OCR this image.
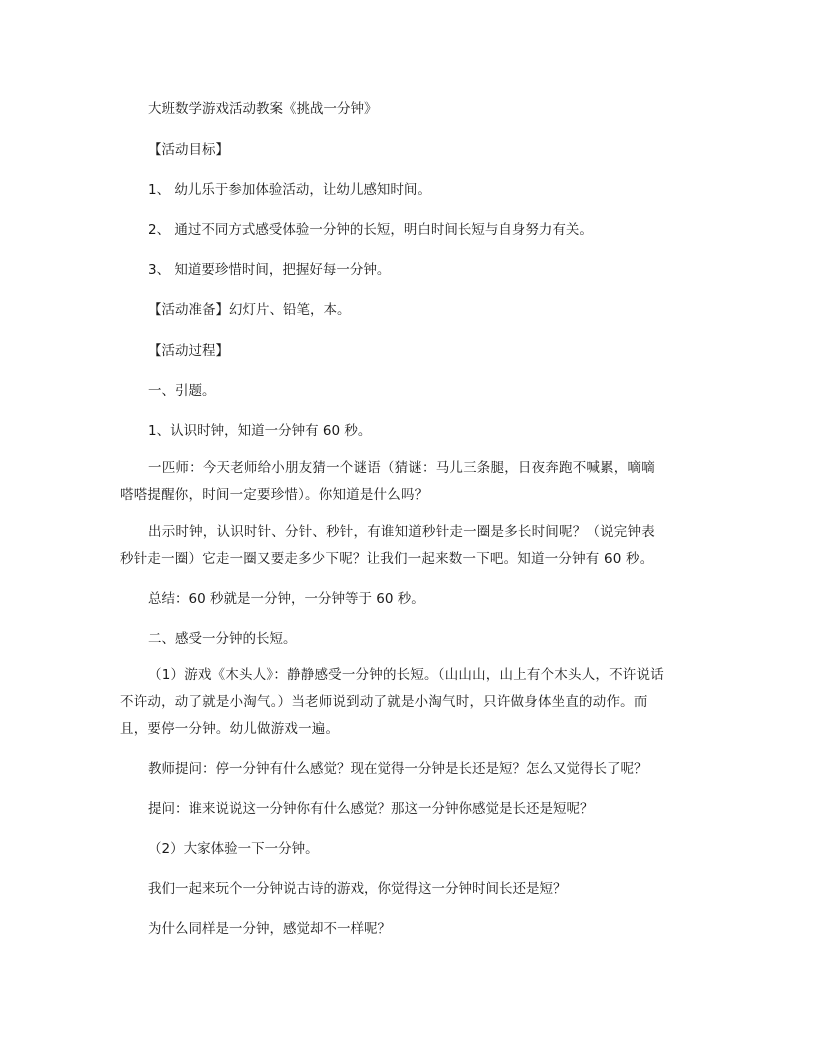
大班数学游戏活动教案《挑战一分钟》
【活动目标】
1、 幼儿乐于参加体验活动，让幼儿感知时间。
2、 通过不同方式感受体验一分钟的长短，明白时间长短与自身努力有关。
3、 知道要珍惜时间，把握好每一分钟。
【活动准备】幻灯片、铅笔，本。
【活动过程】
一、引题。
1、认识时钟，知道一分钟有 60 秒。
一匹师：今天老师给小朋友猜一个谜语（猜谜：马儿三条腿，日夜奔跑不喊累，嘀嘀嗒嗒提醒你，时间一定要珍惜）。你知道是什么吗？
出示时钟，认识时针、分针、秒针，有谁知道秒针走一圈是多长时间呢？（说完钟表秒针走一圈）它走一圈又要走多少下呢？让我们一起来数一下吧。知道一分钟有 60 秒。
总结：60 秒就是一分钟，一分钟等于 60 秒。
二、感受一分钟的长短。
（1）游戏《木头人》：静静感受一分钟的长短。（山山山，山上有个木头人，不许说话不许动，动了就是小淘气。）当老师说到动了就是小淘气时，只许做身体坐直的动作。而且，要停一分钟。幼儿做游戏一遍。
教师提问：停一分钟有什么感觉？现在觉得一分钟是长还是短？怎么又觉得长了呢？
提问：谁来说说这一分钟你有什么感觉？那这一分钟你感觉是长还是短呢？
（2）大家体验一下一分钟。
我们一起来玩个一分钟说古诗的游戏，你觉得这一分钟时间长还是短？
为什么同样是一分钟，感觉却不一样呢？
